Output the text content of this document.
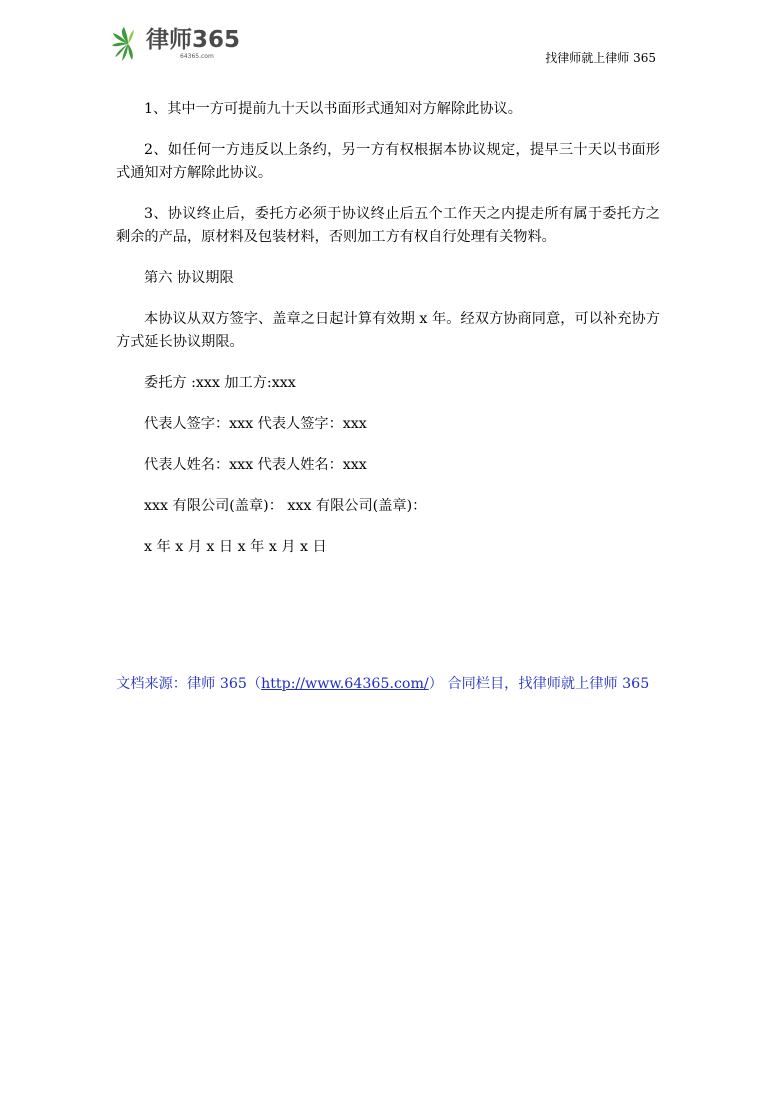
律师365
64365.com	找律师就上律师 365

1、其中一方可提前九十天以书面形式通知对方解除此协议。

2、如任何一方违反以上条约，另一方有权根据本协议规定，提早三十天以书面形式通知对方解除此协议。

3、协议终止后，委托方必须于协议终止后五个工作天之内提走所有属于委托方之剩余的产品，原材料及包装材料，否则加工方有权自行处理有关物料。

第六 协议期限

本协议从双方签字、盖章之日起计算有效期 x 年。经双方协商同意，可以补充协方方式延长协议期限。

委托方 :xxx 加工方:xxx

代表人签字：xxx 代表人签字：xxx

代表人姓名：xxx 代表人姓名：xxx

xxx 有限公司(盖章)： xxx 有限公司(盖章)：

x 年 x 月 x 日 x 年 x 月 x 日

文档来源：律师 365（http://www.64365.com/） 合同栏目，找律师就上律师 365
